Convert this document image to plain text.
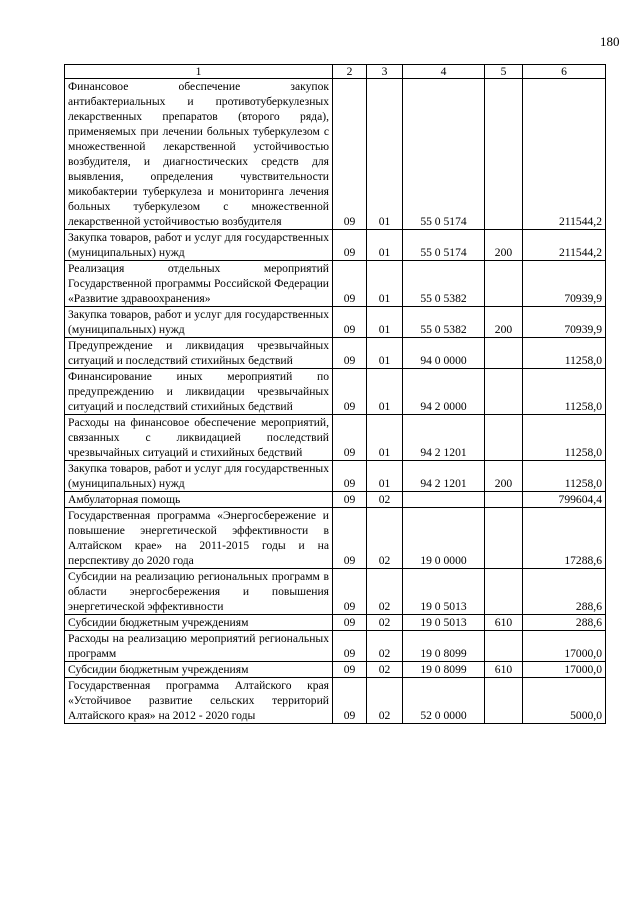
180
1	2	3	4	5	6
Финансовое обеспечение закупок антибактериальных и противотуберкулезных лекарственных препаратов (второго ряда), применяемых при лечении больных туберкулезом с множественной лекарственной устойчивостью возбудителя, и диагностических средств для выявления, определения чувствительности микобактерии туберкулеза и мониторинга лечения больных туберкулезом с множественной лекарственной устойчивостью возбудителя	09	01	55 0 5174		211544,2
Закупка товаров, работ и услуг для государственных (муниципальных) нужд	09	01	55 0 5174	200	211544,2
Реализация отдельных мероприятий Государственной программы Российской Федерации «Развитие здравоохранения»	09	01	55 0 5382		70939,9
Закупка товаров, работ и услуг для государственных (муниципальных) нужд	09	01	55 0 5382	200	70939,9
Предупреждение и ликвидация чрезвычайных ситуаций и последствий стихийных бедствий	09	01	94 0 0000		11258,0
Финансирование иных мероприятий по предупреждению и ликвидации чрезвычайных ситуаций и последствий стихийных бедствий	09	01	94 2 0000		11258,0
Расходы на финансовое обеспечение мероприятий, связанных с ликвидацией последствий чрезвычайных ситуаций и стихийных бедствий	09	01	94 2 1201		11258,0
Закупка товаров, работ и услуг для государственных (муниципальных) нужд	09	01	94 2 1201	200	11258,0
Амбулаторная помощь	09	02			799604,4
Государственная программа «Энергосбережение и повышение энергетической эффективности в Алтайском крае» на 2011-2015 годы и на перспективу до 2020 года	09	02	19 0 0000		17288,6
Субсидии на реализацию региональных программ в области энергосбережения и повышения энергетической эффективности	09	02	19 0 5013		288,6
Субсидии бюджетным учреждениям	09	02	19 0 5013	610	288,6
Расходы на реализацию мероприятий региональных программ	09	02	19 0 8099		17000,0
Субсидии бюджетным учреждениям	09	02	19 0 8099	610	17000,0
Государственная программа Алтайского края «Устойчивое развитие сельских территорий Алтайского края» на 2012 - 2020 годы	09	02	52 0 0000		5000,0
